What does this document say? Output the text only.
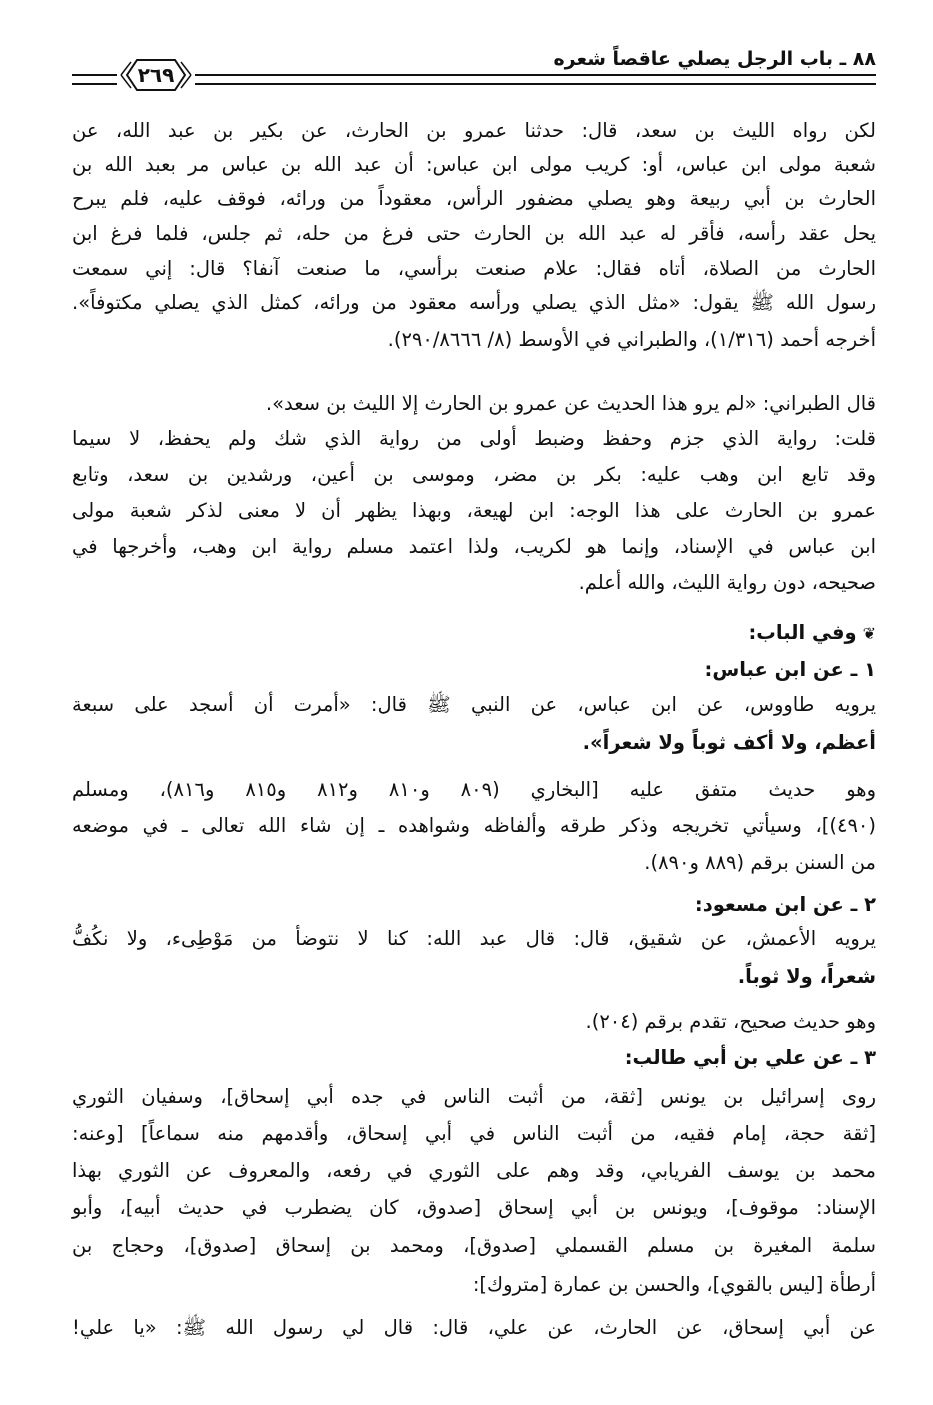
٨٨ ـ باب الرجل يصلي عاقصاً شعره
٢٦٩
لكن رواه الليث بن سعد، قال: حدثنا عمرو بن الحارث، عن بكير بن عبد الله، عن
شعبة مولى ابن عباس، أو: كريب مولى ابن عباس: أن عبد الله بن عباس مر بعبد الله بن
الحارث بن أبي ربيعة وهو يصلي مضفور الرأس، معقوداً من ورائه، فوقف عليه، فلم يبرح
يحل عقد رأسه، فأقر له عبد الله بن الحارث حتى فرغ من حله، ثم جلس، فلما فرغ ابن
الحارث من الصلاة، أتاه فقال: علام صنعت برأسي، ما صنعت آنفا؟ قال: إني سمعت
رسول الله ﷺ يقول: «مثل الذي يصلي ورأسه معقود من ورائه، كمثل الذي يصلي مكتوفاً».
أخرجه أحمد (١/٣١٦)، والطبراني في الأوسط (٨/ ٢٩٠/٨٦٦٦).
قال الطبراني: «لم يرو هذا الحديث عن عمرو بن الحارث إلا الليث بن سعد».
قلت: رواية الذي جزم وحفظ وضبط أولى من رواية الذي شك ولم يحفظ، لا سيما
وقد تابع ابن وهب عليه: بكر بن مضر، وموسى بن أعين، ورشدين بن سعد، وتابع
عمرو بن الحارث على هذا الوجه: ابن لهيعة، وبهذا يظهر أن لا معنى لذكر شعبة مولى
ابن عباس في الإسناد، وإنما هو لكريب، ولذا اعتمد مسلم رواية ابن وهب، وأخرجها في
صحيحه، دون رواية الليث، والله أعلم.
❦وفي الباب:
١ ـ عن ابن عباس:
يرويه طاووس، عن ابن عباس، عن النبي ﷺ قال: «أمرت أن أسجد على سبعة
أعظم، ولا أكف ثوباً ولا شعراً».
وهو حديث متفق عليه [البخاري (٨٠٩ و٨١٠ و٨١٢ و٨١٥ و٨١٦)، ومسلم
(٤٩٠)]، وسيأتي تخريجه وذكر طرقه وألفاظه وشواهده ـ إن شاء الله تعالى ـ في موضعه
من السنن برقم (٨٨٩ و٨٩٠).
٢ ـ عن ابن مسعود:
يرويه الأعمش، عن شقيق، قال: قال عبد الله: كنا لا نتوضأ من مَوْطِىء، ولا نكُفُّ
شعراً، ولا ثوباً.
وهو حديث صحيح، تقدم برقم (٢٠٤).
٣ ـ عن علي بن أبي طالب:
روى إسرائيل بن يونس [ثقة، من أثبت الناس في جده أبي إسحاق]، وسفيان الثوري
[ثقة حجة، إمام فقيه، من أثبت الناس في أبي إسحاق، وأقدمهم منه سماعاً] [وعنه:
محمد بن يوسف الفريابي، وقد وهم على الثوري في رفعه، والمعروف عن الثوري بهذا
الإسناد: موقوف]، ويونس بن أبي إسحاق [صدوق، كان يضطرب في حديث أبيه]، وأبو
سلمة المغيرة بن مسلم القسملي [صدوق]، ومحمد بن إسحاق [صدوق]، وحجاج بن
أرطأة [ليس بالقوي]، والحسن بن عمارة [متروك]:
عن أبي إسحاق، عن الحارث، عن علي، قال: قال لي رسول الله ﷺ: «يا علي!
